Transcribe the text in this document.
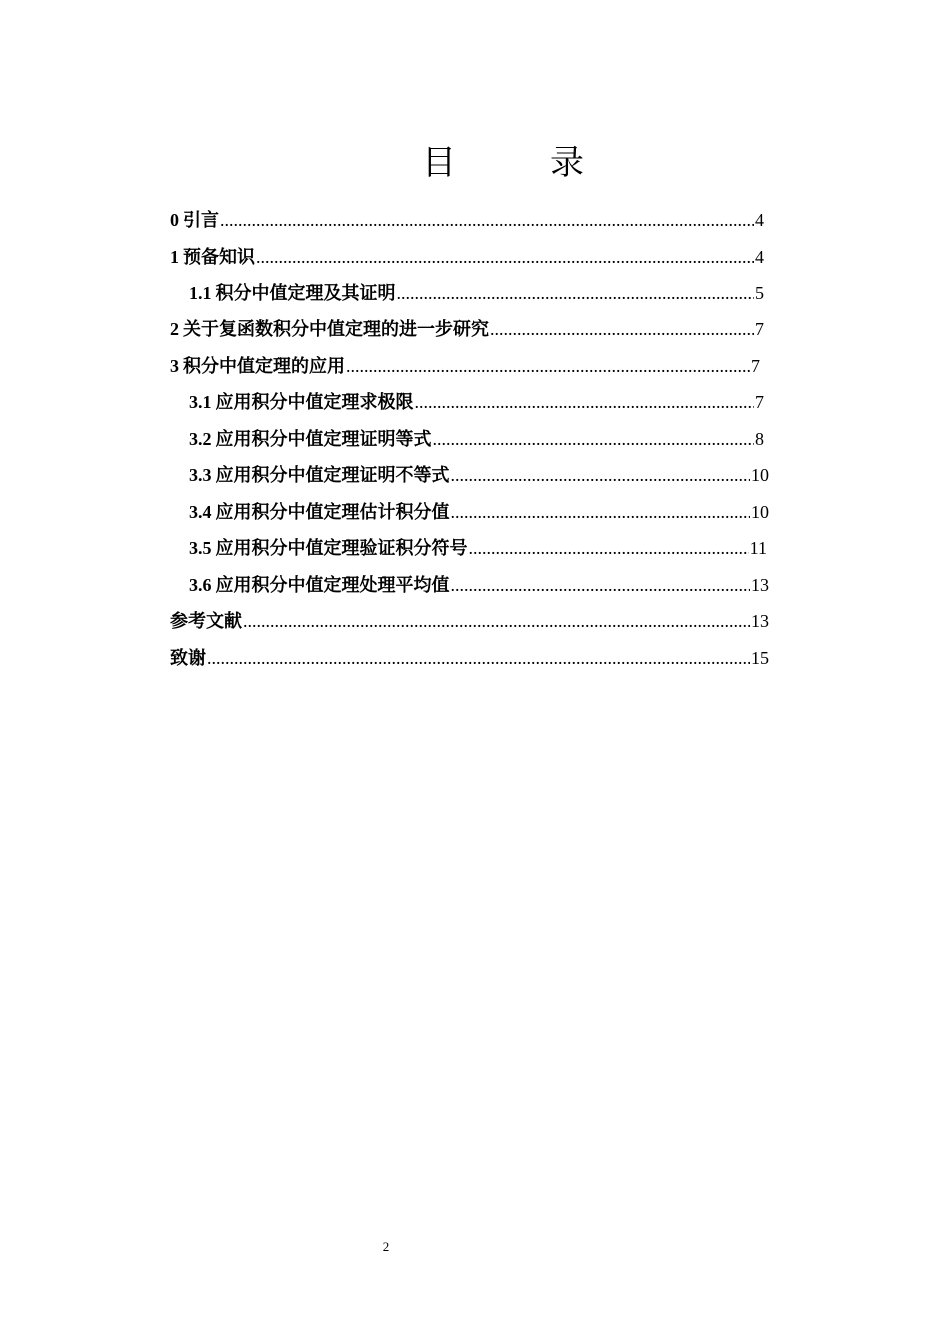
目　录
0 引言 .....	4
1 预备知识 .....	4
1.1 积分中值定理及其证明 .....	5
2 关于复函数积分中值定理的进一步研究 .....	7
3 积分中值定理的应用 .....	7
3.1 应用积分中值定理求极限 .....	7
3.2 应用积分中值定理证明等式 .....	8
3.3 应用积分中值定理证明不等式 .....	10
3.4 应用积分中值定理估计积分值 .....	10
3.5 应用积分中值定理验证积分符号 .....	11
3.6 应用积分中值定理处理平均值 .....	13
参考文献 .....	13
致谢 .....	15
2
